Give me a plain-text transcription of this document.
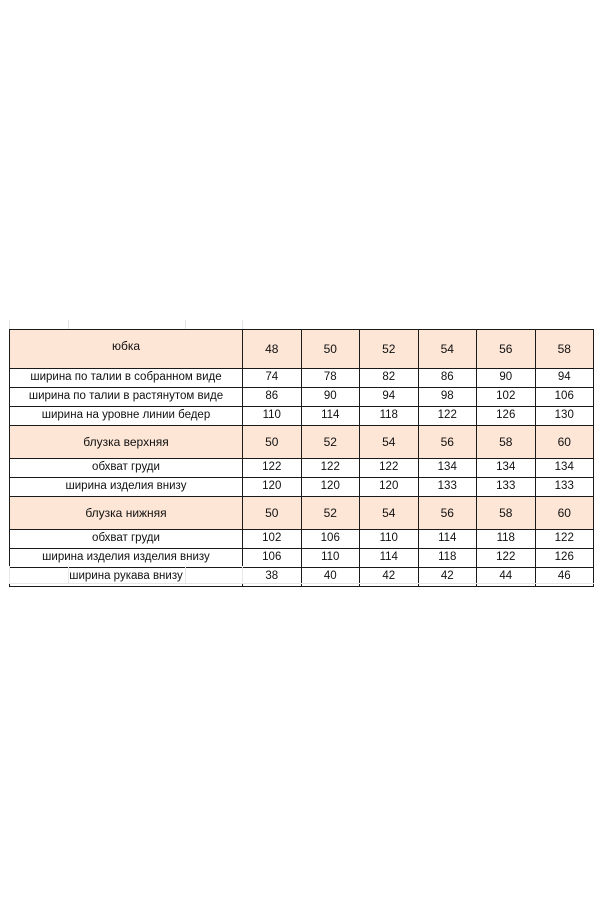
юбка	48	50	52	54	56	58
ширина по талии в собранном виде	74	78	82	86	90	94
ширина по талии в растянутом виде	86	90	94	98	102	106
ширина на уровне линии бедер	110	114	118	122	126	130
блузка верхняя	50	52	54	56	58	60
обхват груди	122	122	122	134	134	134
ширина изделия внизу	120	120	120	133	133	133
блузка нижняя	50	52	54	56	58	60
обхват груди	102	106	110	114	118	122
ширина изделия изделия внизу	106	110	114	118	122	126
ширина рукава внизу	38	40	42	42	44	46
